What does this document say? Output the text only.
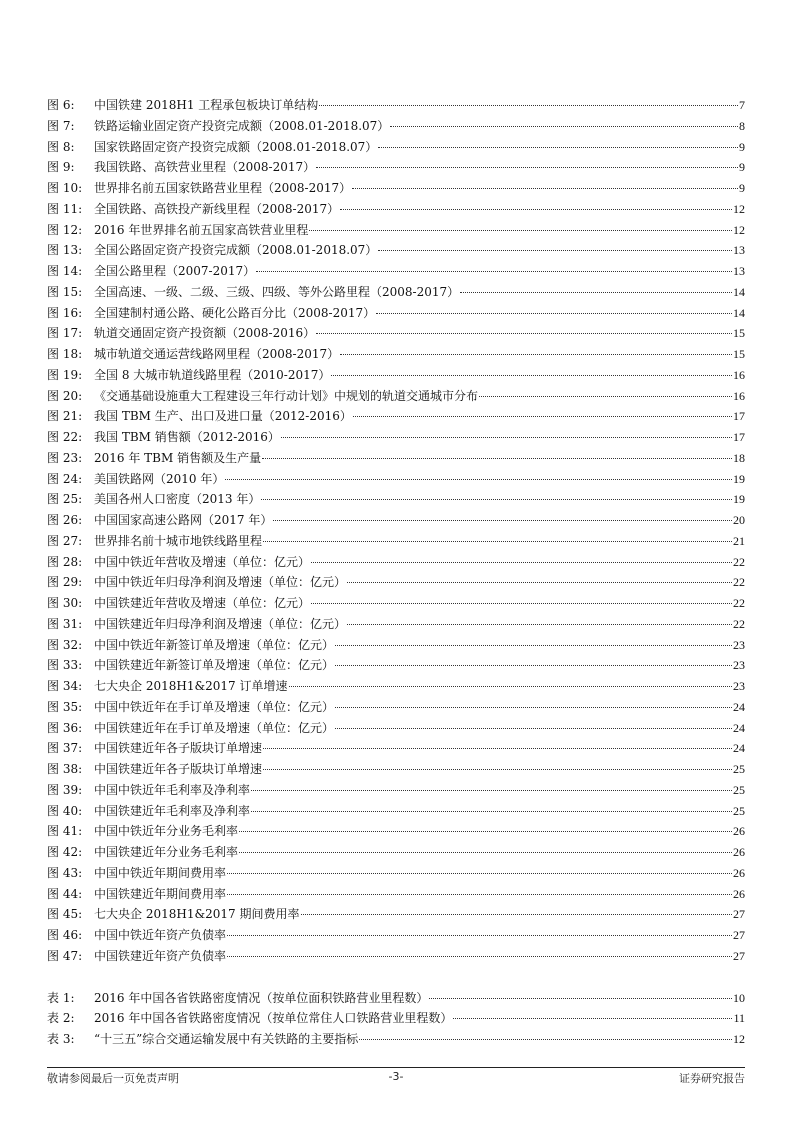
图 6:	中国铁建 2018H1 工程承包板块订单结构	7
图 7:	铁路运输业固定资产投资完成额（2008.01-2018.07）	8
图 8:	国家铁路固定资产投资完成额（2008.01-2018.07）	9
图 9:	我国铁路、高铁营业里程（2008-2017）	9
图 10: 世界排名前五国家铁路营业里程（2008-2017）	9
图 11: 全国铁路、高铁投产新线里程（2008-2017）	12
图 12: 2016 年世界排名前五国家高铁营业里程	12
图 13: 全国公路固定资产投资完成额（2008.01-2018.07）	13
图 14: 全国公路里程（2007-2017）	13
图 15: 全国高速、一级、二级、三级、四级、等外公路里程（2008-2017）	14
图 16: 全国建制村通公路、硬化公路百分比（2008-2017）	14
图 17: 轨道交通固定资产投资额（2008-2016）	15
图 18: 城市轨道交通运营线路网里程（2008-2017）	15
图 19: 全国 8 大城市轨道线路里程（2010-2017）	16
图 20: 《交通基础设施重大工程建设三年行动计划》中规划的轨道交通城市分布	16
图 21: 我国 TBM 生产、出口及进口量（2012-2016）	17
图 22: 我国 TBM 销售额（2012-2016）	17
图 23: 2016 年 TBM 销售额及生产量	18
图 24: 美国铁路网（2010 年）	19
图 25: 美国各州人口密度（2013 年）	19
图 26: 中国国家高速公路网（2017 年）	20
图 27: 世界排名前十城市地铁线路里程	21
图 28: 中国中铁近年营收及增速（单位：亿元）	22
图 29: 中国中铁近年归母净利润及增速（单位：亿元）	22
图 30: 中国铁建近年营收及增速（单位：亿元）	22
图 31: 中国铁建近年归母净利润及增速（单位：亿元）	22
图 32: 中国中铁近年新签订单及增速（单位：亿元）	23
图 33: 中国铁建近年新签订单及增速（单位：亿元）	23
图 34: 七大央企 2018H1&2017 订单增速	23
图 35: 中国中铁近年在手订单及增速（单位：亿元）	24
图 36: 中国铁建近年在手订单及增速（单位：亿元）	24
图 37: 中国铁建近年各子版块订单增速	24
图 38: 中国铁建近年各子版块订单增速	25
图 39: 中国中铁近年毛利率及净利率	25
图 40: 中国铁建近年毛利率及净利率	25
图 41: 中国中铁近年分业务毛利率	26
图 42: 中国铁建近年分业务毛利率	26
图 43: 中国中铁近年期间费用率	26
图 44: 中国铁建近年期间费用率	26
图 45: 七大央企 2018H1&2017 期间费用率	27
图 46: 中国中铁近年资产负债率	27
图 47: 中国铁建近年资产负债率	27
表 1:	2016 年中国各省铁路密度情况（按单位面积铁路营业里程数）	10
表 2:	2016 年中国各省铁路密度情况（按单位常住人口铁路营业里程数）	11
表 3:	“十三五”综合交通运输发展中有关铁路的主要指标	12
敬请参阅最后一页免责声明	-3-	证券研究报告
